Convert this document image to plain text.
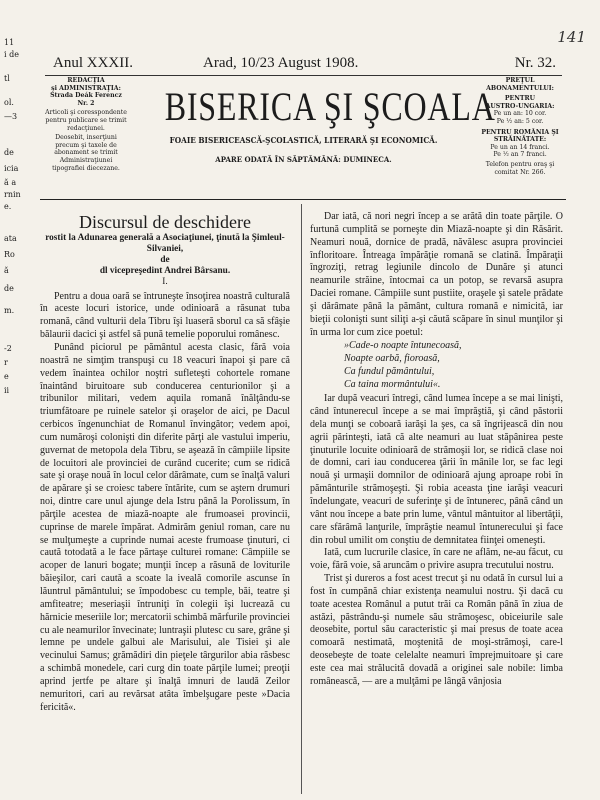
141
11
i de
tl
ol.
—3
de
icia
ă a
rnin
e.
ata
Ro
ă
de
m.
-2
r
e
ii
Anul XXXII.	Arad, 10/23 August 1908.	Nr. 32.
REDACŢIA
şi ADMINISTRAŢIA:
Strada Deák Ferencz Nr. 2
Articoli şi coresspondente pentru publicare se trimit redacţiunei.
Deosebit, inserţiuni precum şi taxele de abonament se trimit Administraţiunei tipografiei diecezane.
BISERICA ŞI ŞCOALA
FOAIE BISERICEASCĂ-ŞCOLASTICĂ, LITERARĂ ŞI ECONOMICĂ.
APARE ODATĂ ÎN SĂPTĂMÂNĂ: DUMINECA.
PREŢUL
ABONAMENTULUI:
PENTRU
AUSTRO-UNGARIA:
Pe un an: 10 cor.
Pe ½ an: 5 cor.
PENTRU ROMÂNIA ŞI
STRĂINĂTATE:
Pe un an 14 franci.
Pe ½ an 7 franci.
Telefon pentru oraş şi comitat Nr. 266.
Discursul de deschidere
rostit la Adunarea generală a Asociaţiunei, ţinută la Şimleul-Silvaniei,
de
dl vicepreşedint Andrei Bârsanu.
I.

Pentru a doua oară se întruneşte însoţirea noastră culturală în aceste locuri istorice, unde odinioară a răsunat tuba romană, când vulturii dela Tibru îşi luaseră sborul ca să sfâşie bălaurii dacici şi astfel să pună temelie poporului românesc.

Punând piciorul pe pământul acesta clasic, fără voia noastră ne simţim transpuşi cu 18 veacuri înapoi şi pare că vedem înaintea ochilor noştri sufleteşti cohortele romane înaintând biruitoare sub conducerea centurionilor şi a tribunilor militari, vedem aquila romană înălţându-se triumfătoare pe ruinele satelor şi oraşelor de aici, pe Dacul cerbicos îngenunchiat de Romanul învingător; vedem apoi, cum număroşi colonişti din diferite părţi ale vastului imperiu, guvernat de metopola dela Tibru, se aşează în câmpiile lipsite de locuitori ale provinciei de curând cucerite; cum se ridică sate şi oraşe nouă în locul celor dărâmate, cum se înalţă valuri de apărare şi se croiesc tabere întărite, cum se aştern drumuri noi, dintre care unul ajunge dela Istru până la Porolissum, în părţile acestea de miază-noapte ale frumoasei provincii, cuprinse de marele împărat. Admirăm geniul roman, care nu se mulţumeşte a cuprinde numai aceste frumoase ţinuturi, ci caută totodată a le face părtaşe culturei romane: Câmpiile se acoper de lanuri bogate; munţii încep a răsună de loviturile băieşilor, cari caută a scoate la iveală comorile ascunse în lăuntrul pământului; se împodobesc cu temple, băi, teatre şi amfiteatre; meseriaşii întruniţi în colegii îşi lucrează cu hărnicie meseriile lor; mercatorii schimbă mărfurile provinciei cu ale neamurilor învecinate; luntraşii plutesc cu sare, grâne şi lemne pe undele galbui ale Marisului, ale Tisiei şi ale vecinului Samus; grămădiri din pieţele târgurilor abia răsbesc a schimbă monedele, cari curg din toate părţile lumei; preoţii aprind jertfe pe altare şi înalţă imnuri de laudă Zeilor nemuritori, cari au revărsat atâta îmbelşugare peste »Dacia fericită«.

Dar iată, că nori negri încep a se arătă din toate părţile. O furtună cumplită se porneşte din Miază-noapte şi din Răsărit. Neamuri nouă, dornice de pradă, năvălesc asupra provinciei înfloritoare. Întreaga împărăţie romană se clatină. Împăraţii îngroziţi, retrag legiunile dincolo de Dunăre şi atunci neamurile străine, întocmai ca un potop, se revarsă asupra Daciei romane. Câmpiile sunt pustiite, oraşele şi satele prădate şi dărâmate până la pământ, cultura romană e nimicită, iar bieţii colonişti sunt siliţi a-şi căută scăpare în sinul munţilor şi în urma lor cum zice poetul:

»Cade-o noapte întunecoasă,
Noapte oarbă, fioroasă,
Ca fundul pământului,
Ca taina mormântului«.

Iar după veacuri întregi, când lumea începe a se mai linişti, când întunerecul începe a se mai împrăştiă, şi când păstorii dela munţi se coboară iarăşi la şes, ca să îngrijească din nou agrii părinteşti, iată că alte neamuri au luat stăpânirea peste ţinuturile locuite odinioară de strămoşii lor, se ridică clase noi de domni, cari iau conducerea ţării în mânile lor, se fac legi nouă şi urmaşii domnilor de odinioară ajung aproape robi în pământurile strămoşeşti. Şi robia aceasta ţine iarăşi veacuri îndelungate, veacuri de suferinţe şi de întunerec, până când un vânt nou începe a bate prin lume, vântul mântuitor al libertăţii, care sfărâmă lanţurile, împrăştie neamul întunerecului şi face din robul umilit om conştiu de demnitatea fiinţei omeneşti.

Iată, cum lucrurile clasice, în care ne aflăm, ne-au făcut, cu voie, fără voie, să aruncăm o privire asupra trecutului nostru.

Trist şi dureros a fost acest trecut şi nu odată în cursul lui a fost în cumpănă chiar existenţa neamului nostru. Şi dacă cu toate acestea Românul a putut trăi ca Român până în ziua de astăzi, păstrându-şi numele său strămoşesc, obiceiurile sale deosebite, portul său caracteristic şi mai presus de toate acea comoară nestimată, moştenită de moşi-strămoşi, care-l deosebeşte de toate celelalte neamuri împrejmuitoare şi care este cea mai strălucită dovadă a originei sale nobile: limba românească, — are a mulţămi pe lângă vânjosia
